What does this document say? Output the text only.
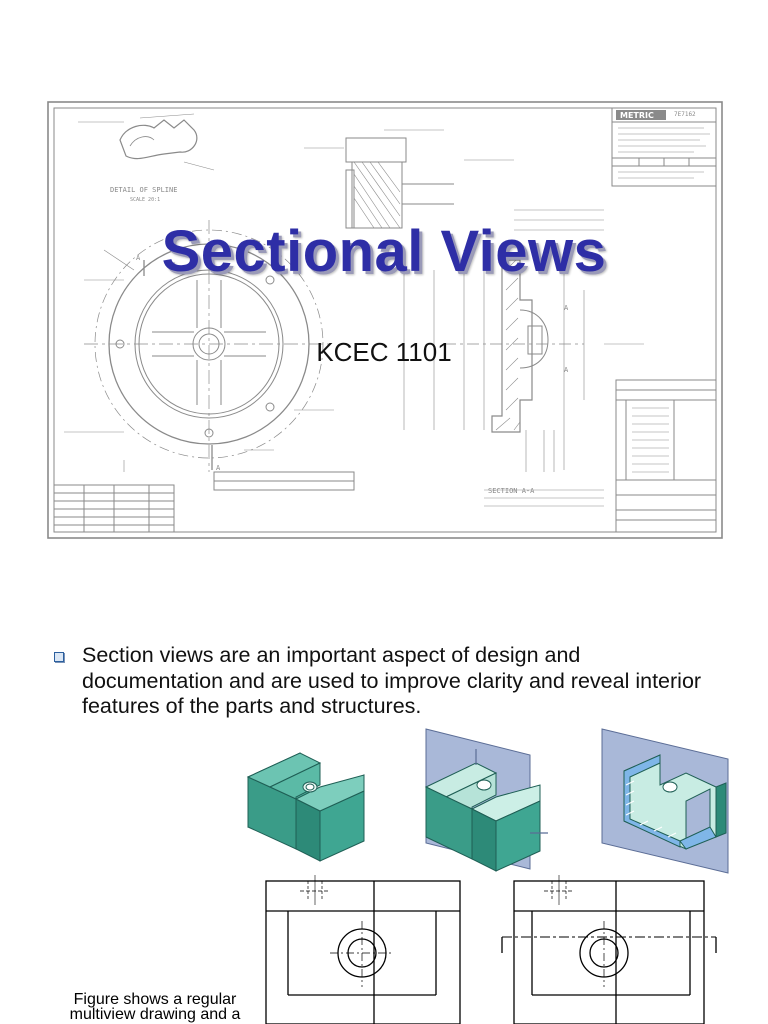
DETAIL OF SPLINE
SCALE 20:1
SECTION A-A
A
A
A
A
7E7162
METRIC
Sectional Views
KCEC 1101
Section views are an important aspect of design and documentation and are used to improve clarity and reveal interior features of the parts and structures.
Figure shows a regular
multiview drawing and a
